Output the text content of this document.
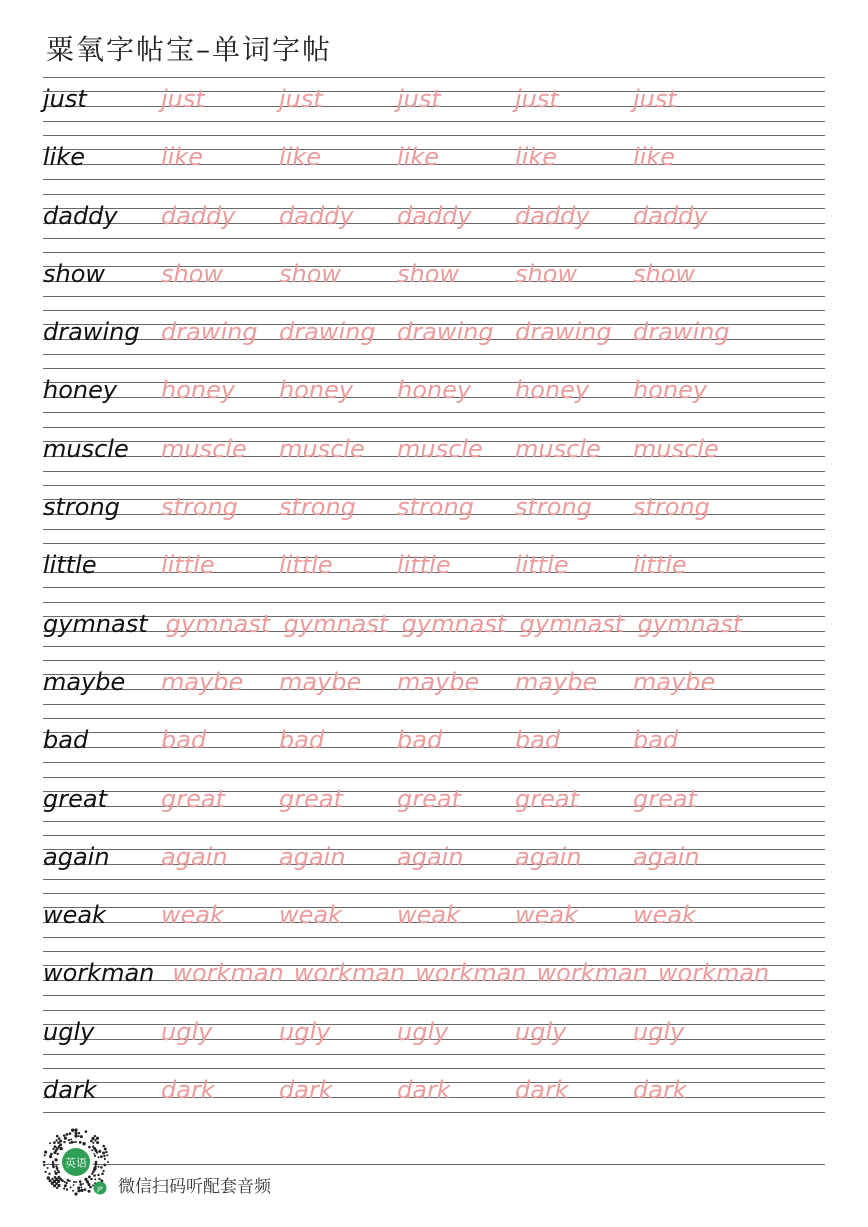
粟氧字帖宝–单词字帖
just	just	just	just	just	just
like	like	like	like	like	like
daddy daddy daddy daddy daddy daddy
show show show show show show
drawing drawing drawing drawing drawing drawing
honey honey honey honey honey honey
muscle muscle muscle muscle muscle muscle
strong strong strong strong strong strong
little	little	little	little	little	little
gymnast gymnast gymnast gymnast gymnast gymnast
maybe maybe maybe maybe maybe maybe
bad	bad	bad	bad	bad	bad
great great great great great great
again again again again again again
weak weak weak weak weak weak
workman workman workman workman workman workman
ugly	ugly	ugly	ugly	ugly	ugly
dark	dark	dark	dark	dark	dark
英语
JP 微信扫码听配套音频
